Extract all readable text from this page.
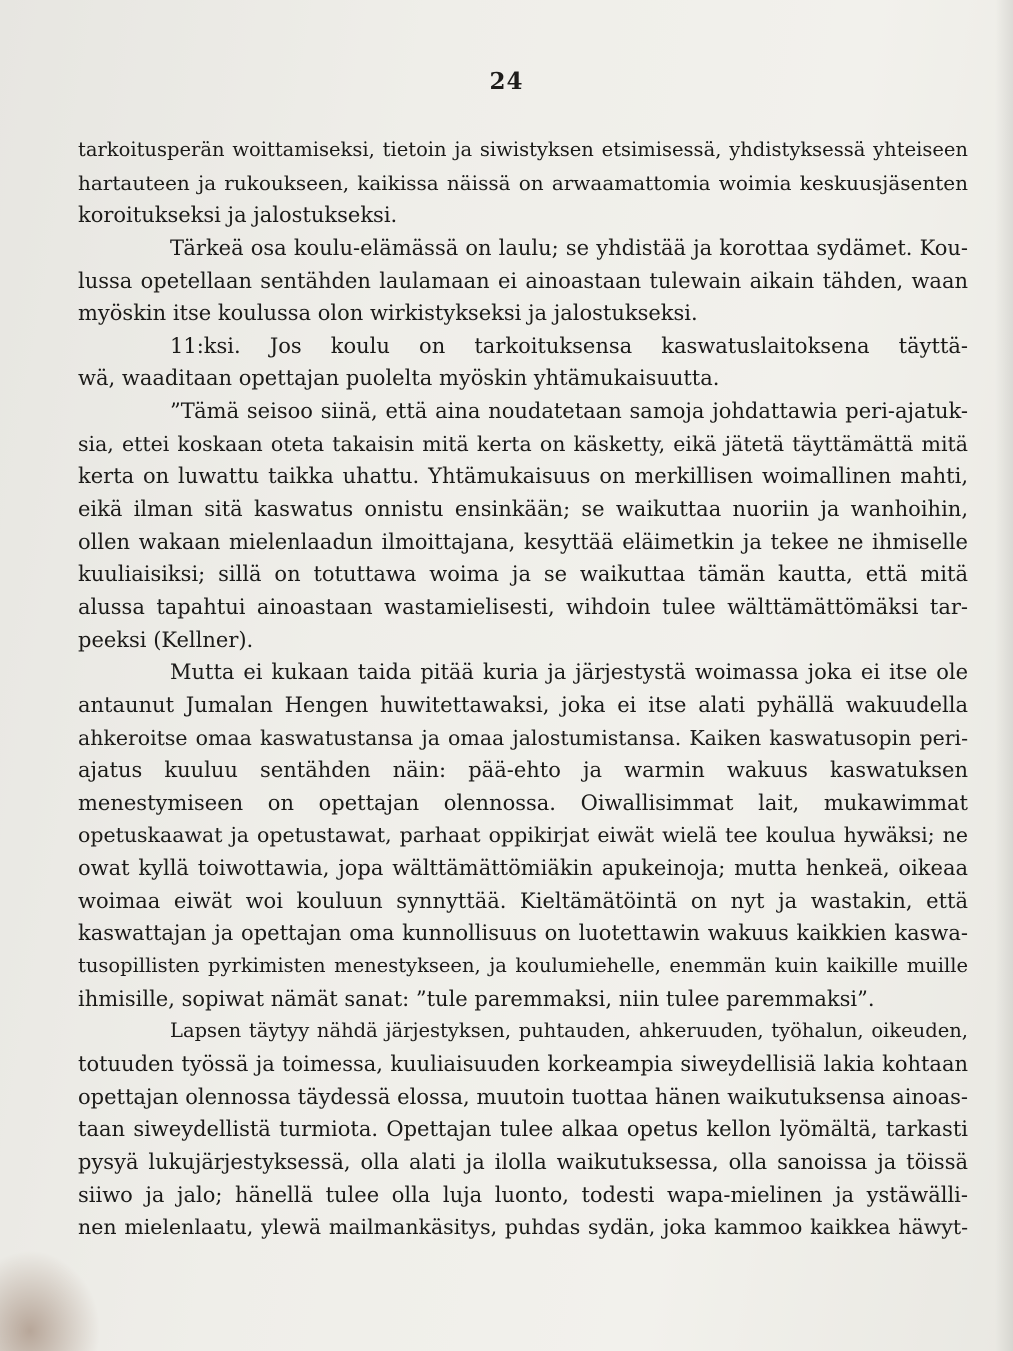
24
tarkoitusperän woittamiseksi, tietoin ja siwistyksen etsimisessä, yhdistyksessä yhteiseen
hartauteen ja rukoukseen, kaikissa näissä on arwaamattomia woimia keskuusjäsenten
koroitukseksi ja jalostukseksi.
Tärkeä osa koulu-elämässä on laulu; se yhdistää ja korottaa sydämet. Kou-
lussa opetellaan sentähden laulamaan ei ainoastaan tulewain aikain tähden, waan
myöskin itse koulussa olon wirkistykseksi ja jalostukseksi.
11:ksi. Jos koulu on tarkoituksensa kaswatuslaitoksena täyttä-
wä, waaditaan opettajan puolelta myöskin yhtämukaisuutta.
”Tämä seisoo siinä, että aina noudatetaan samoja johdattawia peri-ajatuk-
sia, ettei koskaan oteta takaisin mitä kerta on käsketty, eikä jätetä täyttämättä mitä
kerta on luwattu taikka uhattu. Yhtämukaisuus on merkillisen woimallinen mahti,
eikä ilman sitä kaswatus onnistu ensinkään; se waikuttaa nuoriin ja wanhoihin,
ollen wakaan mielenlaadun ilmoittajana, kesyttää eläimetkin ja tekee ne ihmiselle
kuuliaisiksi; sillä on totuttawa woima ja se waikuttaa tämän kautta, että mitä
alussa tapahtui ainoastaan wastamielisesti, wihdoin tulee wälttämättömäksi tar-
peeksi (Kellner).
Mutta ei kukaan taida pitää kuria ja järjestystä woimassa joka ei itse ole
antaunut Jumalan Hengen huwitettawaksi, joka ei itse alati pyhällä wakuudella
ahkeroitse omaa kaswatustansa ja omaa jalostumistansa. Kaiken kaswatusopin peri-
ajatus kuuluu sentähden näin: pää-ehto ja warmin wakuus kaswatuksen
menestymiseen on opettajan olennossa. Oiwallisimmat lait, mukawimmat
opetuskaawat ja opetustawat, parhaat oppikirjat eiwät wielä tee koulua hywäksi; ne
owat kyllä toiwottawia, jopa wälttämättömiäkin apukeinoja; mutta henkeä, oikeaa
woimaa eiwät woi kouluun synnyttää. Kieltämätöintä on nyt ja wastakin, että
kaswattajan ja opettajan oma kunnollisuus on luotettawin wakuus kaikkien kaswa-
tusopillisten pyrkimisten menestykseen, ja koulumiehelle, enemmän kuin kaikille muille
ihmisille, sopiwat nämät sanat: ”tule paremmaksi, niin tulee paremmaksi”.
Lapsen täytyy nähdä järjestyksen, puhtauden, ahkeruuden, työhalun, oikeuden,
totuuden työssä ja toimessa, kuuliaisuuden korkeampia siweydellisiä lakia kohtaan
opettajan olennossa täydessä elossa, muutoin tuottaa hänen waikutuksensa ainoas-
taan siweydellistä turmiota. Opettajan tulee alkaa opetus kellon lyömältä, tarkasti
pysyä lukujärjestyksessä, olla alati ja ilolla waikutuksessa, olla sanoissa ja töissä
siiwo ja jalo; hänellä tulee olla luja luonto, todesti wapa-mielinen ja ystäwälli-
nen mielenlaatu, ylewä mailmankäsitys, puhdas sydän, joka kammoo kaikkea häwyt-
